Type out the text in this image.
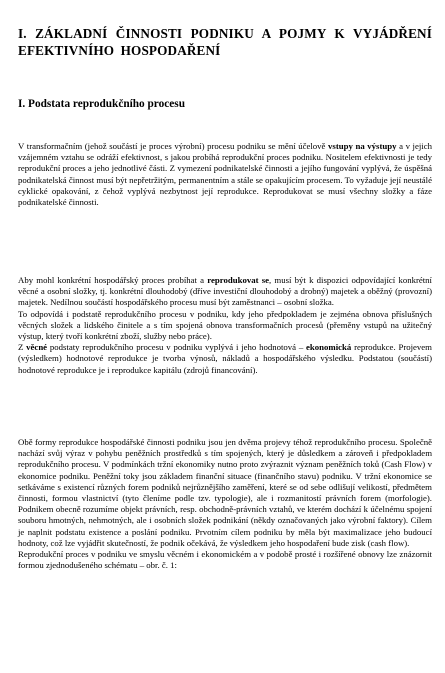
I. ZÁKLADNÍ ČINNOSTI PODNIKU A POJMY K VYJÁDŘENÍ EFEKTIVNÍHO HOSPODAŘENÍ
I. Podstata reprodukčního procesu

V transformačním (jehož součástí je proces výrobní) procesu podniku se mění účelově vstupy na výstupy a v jejich vzájemném vztahu se odráží efektivnost, s jakou probíhá reprodukční proces podniku. Nositelem efektivnosti je tedy reprodukční proces a jeho jednotlivé části. Z vymezení podnikatelské činnosti a jejího fungování vyplývá, že úspěšná podnikatelská činnost musí být nepřetržitým, permanentním a stále se opakujícím procesem. To vyžaduje její neustálé cyklické opakování, z čehož vyplývá nezbytnost její reprodukce. Reprodukovat se musí všechny složky a fáze podnikatelské činnosti.

Aby mohl konkrétní hospodářský proces probíhat a reprodukovat se, musí být k dispozici odpovídající konkrétní věcné a osobní složky, tj. konkrétní dlouhodobý (dříve investiční dlouhodobý a drobný) majetek a oběžný (provozní) majetek. Nedílnou součástí hospodářského procesu musí být zaměstnanci – osobní složka.

To odpovídá i podstatě reprodukčního procesu v podniku, kdy jeho předpokladem je zejména obnova příslušných věcných složek a lidského činitele a s tím spojená obnova transformačních procesů (přeměny vstupů na užitečný výstup, který tvoří konkrétní zboží, služby nebo práce).

Z věcné podstaty reprodukčního procesu v podniku vyplývá i jeho hodnotová – ekonomická reprodukce. Projevem (výsledkem) hodnotové reprodukce je tvorba výnosů, nákladů a hospodářského výsledku. Podstatou (součástí) hodnotové reprodukce je i reprodukce kapitálu (zdrojů financování).

Obě formy reprodukce hospodářské činnosti podniku jsou jen dvěma projevy téhož reprodukčního procesu. Společně nachází svůj výraz v pohybu peněžních prostředků s tím spojených, který je důsledkem a zároveň i předpokladem reprodukčního procesu. V podmínkách tržní ekonomiky nutno proto zvýraznit význam peněžních toků (Cash Flow) v ekonomice podniku. Peněžní toky jsou základem finanční situace (finančního stavu) podniku. V tržní ekonomice se setkáváme s existencí různých forem podniků nejrůznějšího zaměření, které se od sebe odlišují velikostí, předmětem činnosti, formou vlastnictví (tyto členíme podle tzv. typologie), ale i rozmanitostí právních forem (morfologie). Podnikem obecně rozumíme objekt právních, resp. obchodně-právních vztahů, ve kterém dochází k účelnému spojení souboru hmotných, nehmotných, ale i osobních složek podnikání (někdy označovaných jako výrobní faktory). Cílem je naplnit podstatu existence a poslání podniku. Prvotním cílem podniku by měla být maximalizace jeho budoucí hodnoty, což lze vyjádřit skutečností, že podnik očekává, že výsledkem jeho hospodaření bude zisk (cash flow).

Reprodukční proces v podniku ve smyslu věcném i ekonomickém a v podobě prosté i rozšířené obnovy lze znázornit formou zjednodušeného schématu – obr. č. 1:
